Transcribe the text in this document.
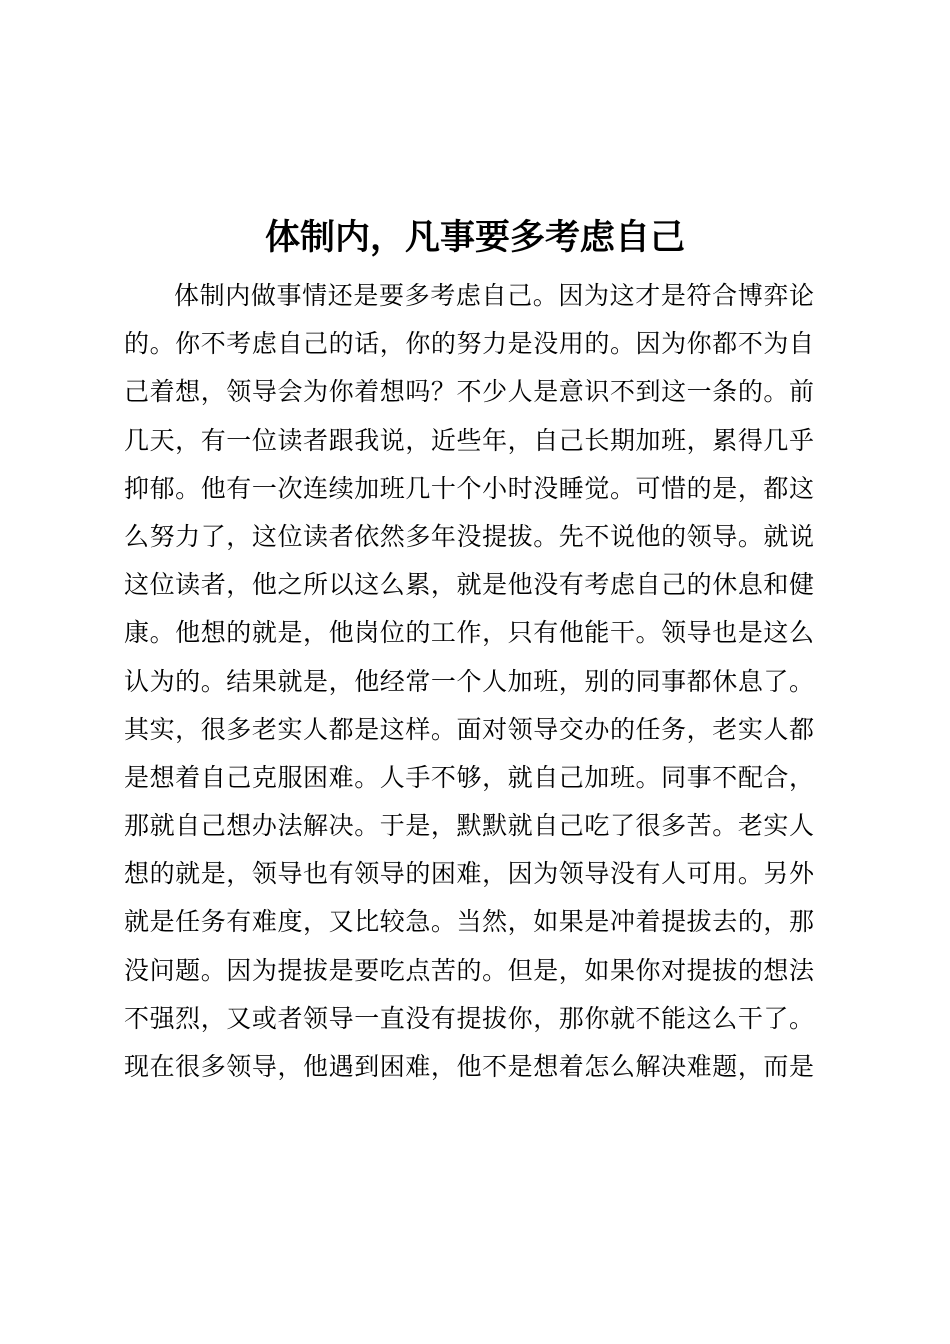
体制内，凡事要多考虑自己
体制内做事情还是要多考虑自己。因为这才是符合博弈论
的。你不考虑自己的话，你的努力是没用的。因为你都不为自
己着想，领导会为你着想吗？不少人是意识不到这一条的。前
几天，有一位读者跟我说，近些年，自己长期加班，累得几乎
抑郁。他有一次连续加班几十个小时没睡觉。可惜的是，都这
么努力了，这位读者依然多年没提拔。先不说他的领导。就说
这位读者，他之所以这么累，就是他没有考虑自己的休息和健
康。他想的就是，他岗位的工作，只有他能干。领导也是这么
认为的。结果就是，他经常一个人加班，别的同事都休息了。
其实，很多老实人都是这样。面对领导交办的任务，老实人都
是想着自己克服困难。人手不够，就自己加班。同事不配合，
那就自己想办法解决。于是，默默就自己吃了很多苦。老实人
想的就是，领导也有领导的困难，因为领导没有人可用。另外
就是任务有难度，又比较急。当然，如果是冲着提拔去的，那
没问题。因为提拔是要吃点苦的。但是，如果你对提拔的想法
不强烈，又或者领导一直没有提拔你，那你就不能这么干了。
现在很多领导，他遇到困难，他不是想着怎么解决难题，而是
